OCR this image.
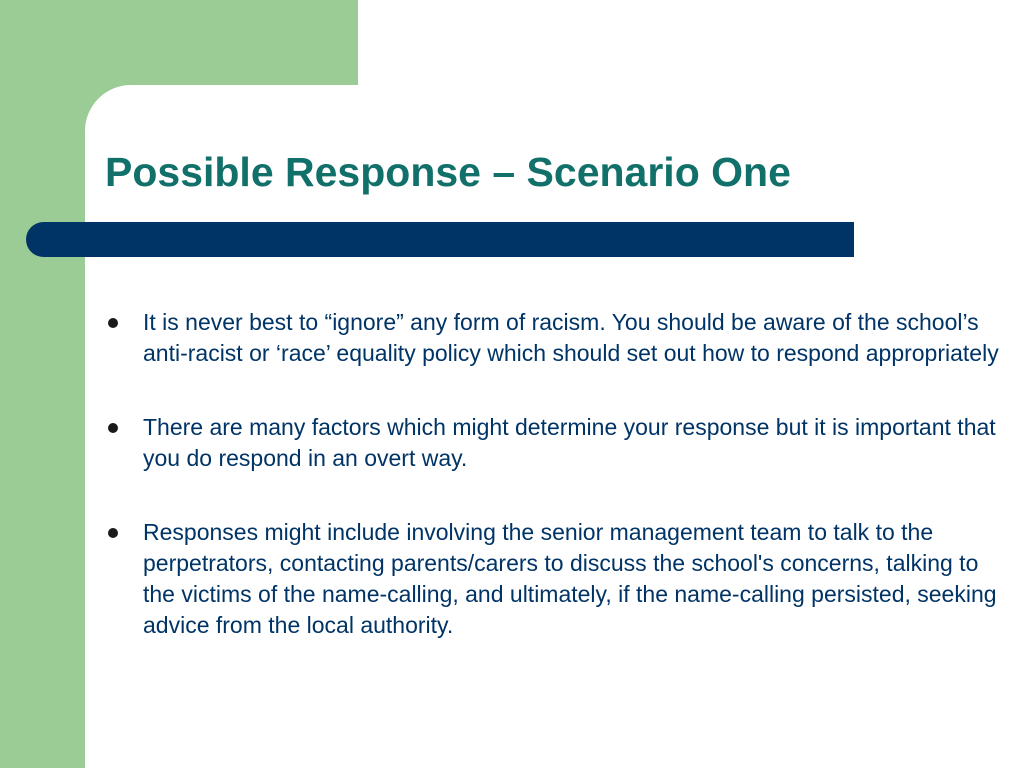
Possible Response – Scenario One
It is never best to “ignore” any form of racism. You should be aware of the school’s anti-racist or ‘race’ equality policy which should set out how to respond appropriately
There are many factors which might determine your response but it is important that you do respond in an overt way.
Responses might include involving the senior management team to talk to the perpetrators, contacting parents/carers to discuss the school's concerns, talking to the victims of the name-calling, and ultimately, if the name-calling persisted, seeking advice from the local authority.
